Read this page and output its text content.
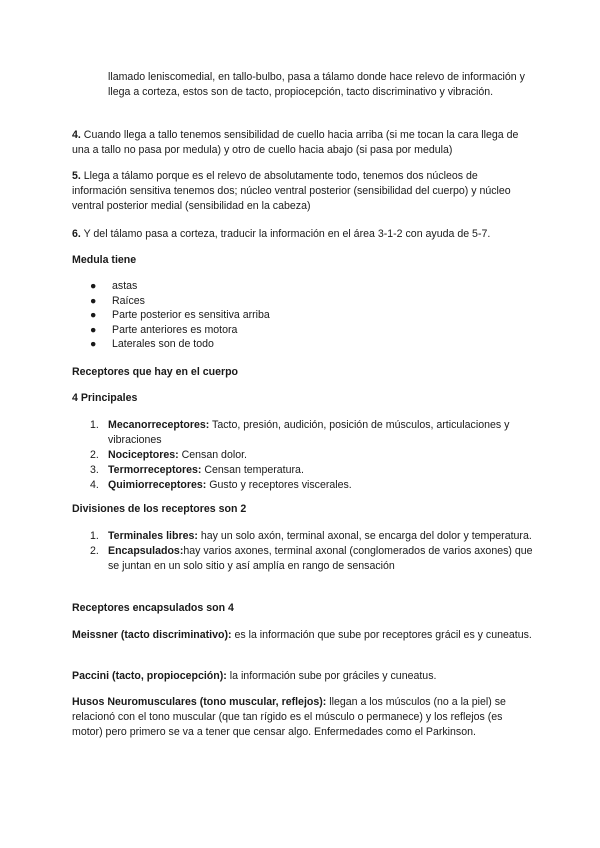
llamado leniscomedial, en tallo-bulbo, pasa a tálamo donde hace relevo de información y llega a corteza, estos son de tacto, propiocepción, tacto discriminativo y vibración.

4. Cuando llega a tallo tenemos sensibilidad de cuello hacia arriba (si me tocan la cara llega de una a tallo no pasa por medula) y otro de cuello hacia abajo (si pasa por medula)

5. Llega a tálamo porque es el relevo de absolutamente todo, tenemos dos núcleos de información sensitiva tenemos dos; núcleo ventral posterior (sensibilidad del cuerpo) y núcleo ventral posterior medial (sensibilidad en la cabeza)

6. Y del tálamo pasa a corteza, traducir la información en el área 3-1-2 con ayuda de 5-7.

Medula tiene

● astas
● Raíces
● Parte posterior es sensitiva arriba
● Parte anteriores es motora
● Laterales son de todo

Receptores que hay en el cuerpo

4 Principales

1. Mecanorreceptores: Tacto, presión, audición, posición de músculos, articulaciones y vibraciones
2. Nociceptores: Censan dolor.
3. Termorreceptores: Censan temperatura.
4. Quimiorreceptores: Gusto y receptores viscerales.

Divisiones de los receptores son 2

1. Terminales libres: hay un solo axón, terminal axonal, se encarga del dolor y temperatura.
2. Encapsulados:hay varios axones, terminal axonal (conglomerados de varios axones) que se juntan en un solo sitio y así amplía en rango de sensación

Receptores encapsulados son 4

Meissner (tacto discriminativo): es la información que sube por receptores grácil es y cuneatus.

Paccini (tacto, propiocepción): la información sube por gráciles y cuneatus.

Husos Neuromusculares (tono muscular, reflejos): llegan a los músculos (no a la piel) se relacionó con el tono muscular (que tan rígido es el músculo o permanece) y los reflejos (es motor) pero primero se va a tener que censar algo. Enfermedades como el Parkinson.
